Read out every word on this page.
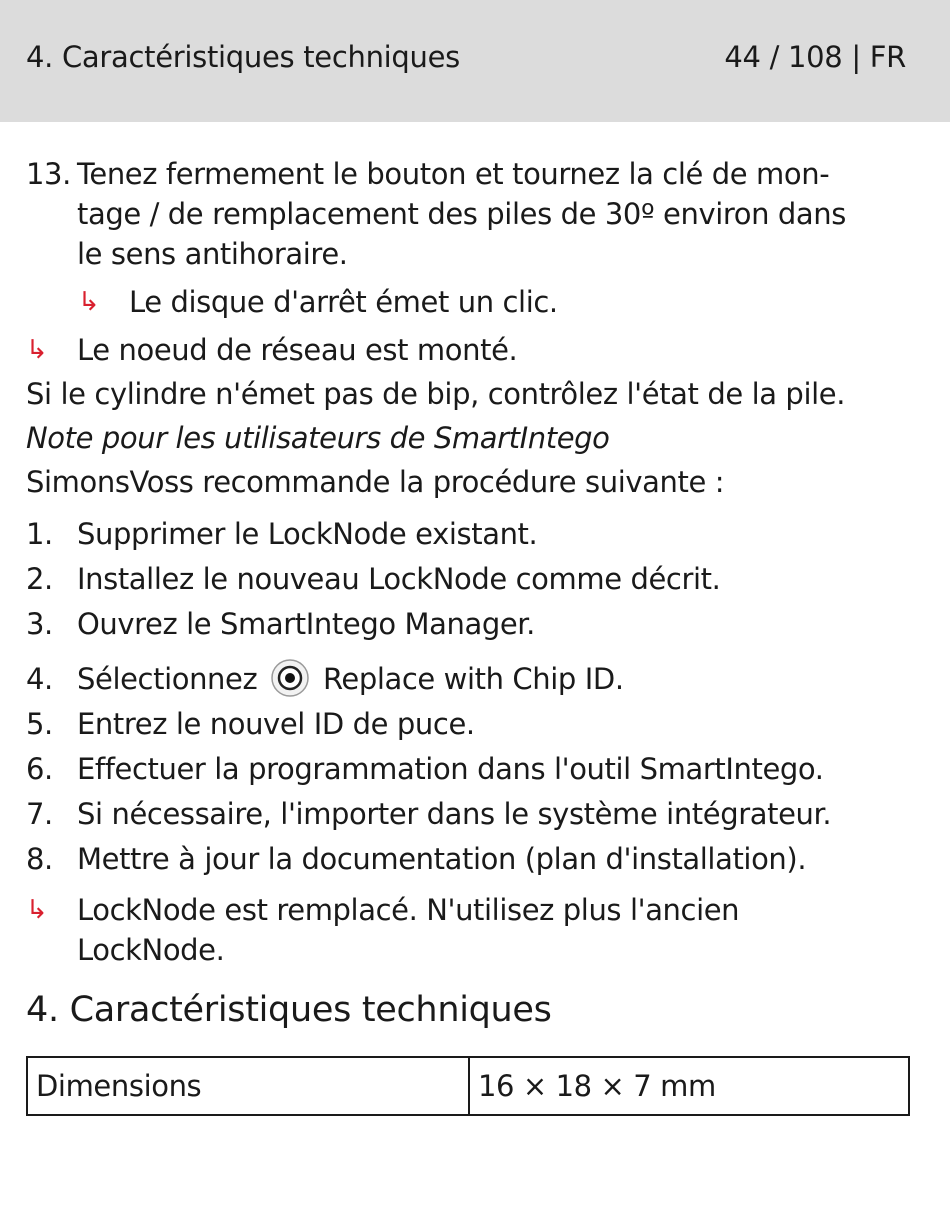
4. Caractéristiques techniques	44 / 108 | FR
13. Tenez fermement le bouton et tournez la clé de mon-
tage / de remplacement des piles de 30º environ dans
le sens antihoraire.
↳ Le disque d'arrêt émet un clic.
↳ Le noeud de réseau est monté.
Si le cylindre n'émet pas de bip, contrôlez l'état de la pile.
Note pour les utilisateurs de SmartIntego
SimonsVoss recommande la procédure suivante :
1. Supprimer le LockNode existant.
2. Installez le nouveau LockNode comme décrit.
3. Ouvrez le SmartIntego Manager.
4. Sélectionnez Replace with Chip ID.
5. Entrez le nouvel ID de puce.
6. Effectuer la programmation dans l'outil SmartIntego.
7. Si nécessaire, l'importer dans le système intégrateur.
8. Mettre à jour la documentation (plan d'installation).
↳ LockNode est remplacé. N'utilisez plus l'ancien
LockNode.
4. Caractéristiques techniques
Dimensions	16 × 18 × 7 mm
